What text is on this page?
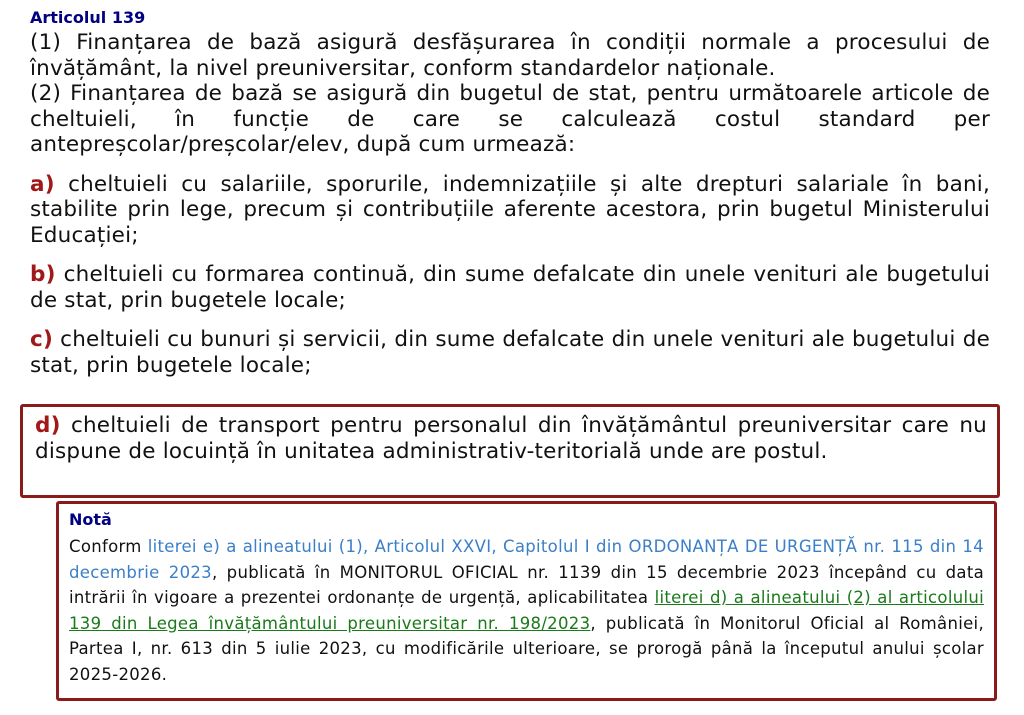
Articolul 139

(1) Finanțarea de bază asigură desfășurarea în condiții normale a procesului de învățământ, la nivel preuniversitar, conform standardelor naționale.

(2) Finanțarea de bază se asigură din bugetul de stat, pentru următoarele articole de cheltuieli, în funcție de care se calculează costul standard per antepreșcolar/preșcolar/elev, după cum urmează:

a) cheltuieli cu salariile, sporurile, indemnizațiile și alte drepturi salariale în bani, stabilite prin lege, precum și contribuțiile aferente acestora, prin bugetul Ministerului Educației;

b) cheltuieli cu formarea continuă, din sume defalcate din unele venituri ale bugetului de stat, prin bugetele locale;

c) cheltuieli cu bunuri și servicii, din sume defalcate din unele venituri ale bugetului de stat, prin bugetele locale;

d) cheltuieli de transport pentru personalul din învățământul preuniversitar care nu dispune de locuință în unitatea administrativ-teritorială unde are postul.

Notă

Conform literei e) a alineatului (1), Articolul XXVI, Capitolul I din ORDONANȚA DE URGENȚĂ nr. 115 din 14 decembrie 2023, publicată în MONITORUL OFICIAL nr. 1139 din 15 decembrie 2023 începând cu data intrării în vigoare a prezentei ordonanțe de urgență, aplicabilitatea literei d) a alineatului (2) al articolului 139 din Legea învățământului preuniversitar nr. 198/2023, publicată în Monitorul Oficial al României, Partea I, nr. 613 din 5 iulie 2023, cu modificările ulterioare, se prorogă până la începutul anului școlar 2025-2026.
